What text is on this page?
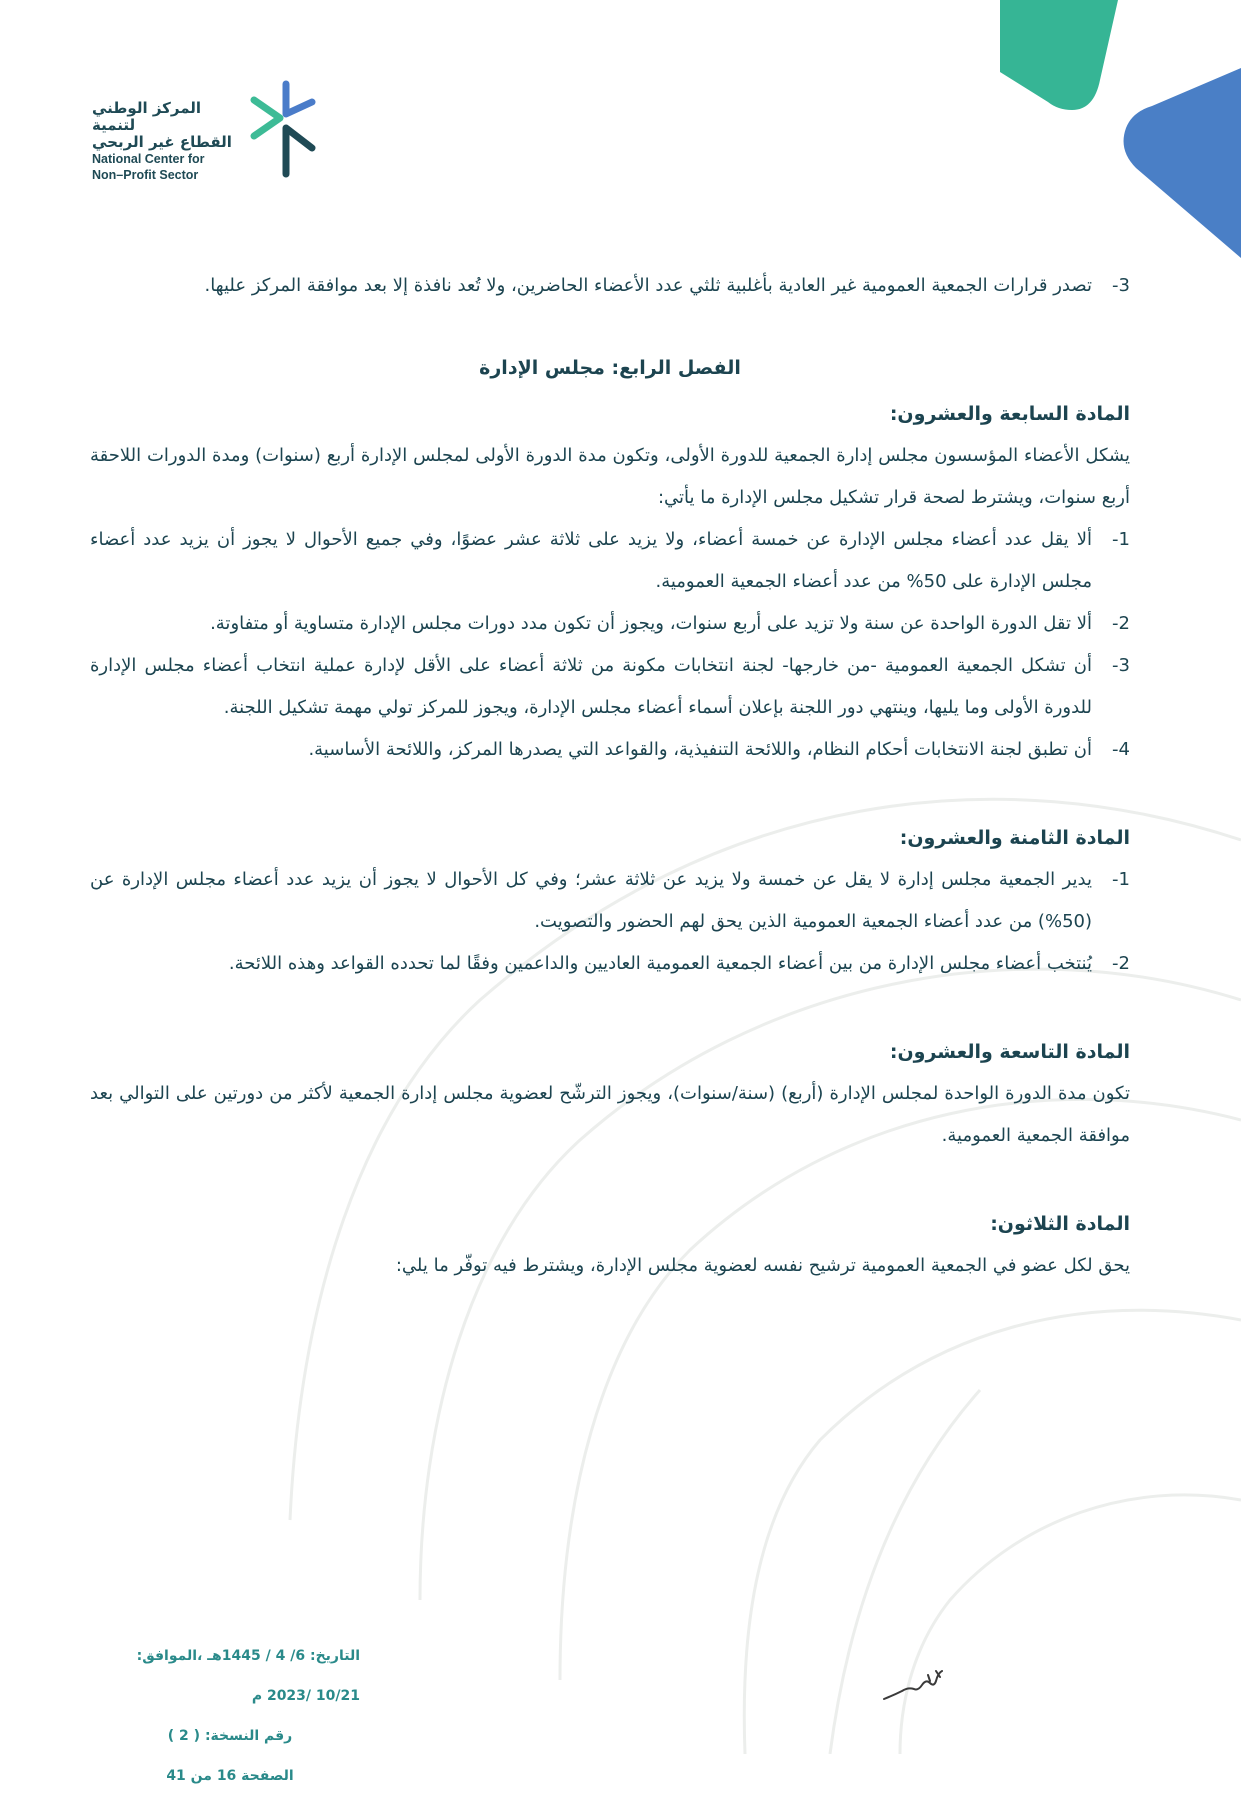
المركز الوطني لتنمية
القطاع غير الربحي
National Center for
Non–Profit Sector
3-
تصدر قرارات الجمعية العمومية غير العادية بأغلبية ثلثي عدد الأعضاء الحاضرين، ولا تُعد نافذة إلا بعد موافقة المركز عليها.
الفصل الرابع: مجلس الإدارة

المادة السابعة والعشرون:

يشكل الأعضاء المؤسسون مجلس إدارة الجمعية للدورة الأولى، وتكون مدة الدورة الأولى لمجلس الإدارة أربع (سنوات) ومدة الدورات اللاحقة أربع سنوات، ويشترط لصحة قرار تشكيل مجلس الإدارة ما يأتي:

1-
ألا يقل عدد أعضاء مجلس الإدارة عن خمسة أعضاء، ولا يزيد على ثلاثة عشر عضوًا، وفي جميع الأحوال لا يجوز أن يزيد عدد أعضاء مجلس الإدارة على 50% من عدد أعضاء الجمعية العمومية.
2-
ألا تقل الدورة الواحدة عن سنة ولا تزيد على أربع سنوات، ويجوز أن تكون مدد دورات مجلس الإدارة متساوية أو متفاوتة.
3-
أن تشكل الجمعية العمومية -من خارجها- لجنة انتخابات مكونة من ثلاثة أعضاء على الأقل لإدارة عملية انتخاب أعضاء مجلس الإدارة للدورة الأولى وما يليها، وينتهي دور اللجنة بإعلان أسماء أعضاء مجلس الإدارة، ويجوز للمركز تولي مهمة تشكيل اللجنة.
4-
أن تطبق لجنة الانتخابات أحكام النظام، واللائحة التنفيذية، والقواعد التي يصدرها المركز، واللائحة الأساسية.

المادة الثامنة والعشرون:

1-
يدير الجمعية مجلس إدارة لا يقل عن خمسة ولا يزيد عن ثلاثة عشر؛ وفي كل الأحوال لا يجوز أن يزيد عدد أعضاء مجلس الإدارة عن (50%) من عدد أعضاء الجمعية العمومية الذين يحق لهم الحضور والتصويت.
2-
يُنتخب أعضاء مجلس الإدارة من بين أعضاء الجمعية العمومية العاديين والداعمين وفقًا لما تحدده القواعد وهذه اللائحة.

المادة التاسعة والعشرون:

تكون مدة الدورة الواحدة لمجلس الإدارة (أربع) (سنة/سنوات)، ويجوز الترشّح لعضوية مجلس إدارة الجمعية لأكثر من دورتين على التوالي بعد موافقة الجمعية العمومية.

المادة الثلاثون:

يحق لكل عضو في الجمعية العمومية ترشيح نفسه لعضوية مجلس الإدارة، ويشترط فيه توفّر ما يلي:

التاريخ: 6/ 4 / 1445هـ ،الموافق: 10/21 /2023 م
رقم النسخة: ( 2 )
الصفحة 16 من 41
